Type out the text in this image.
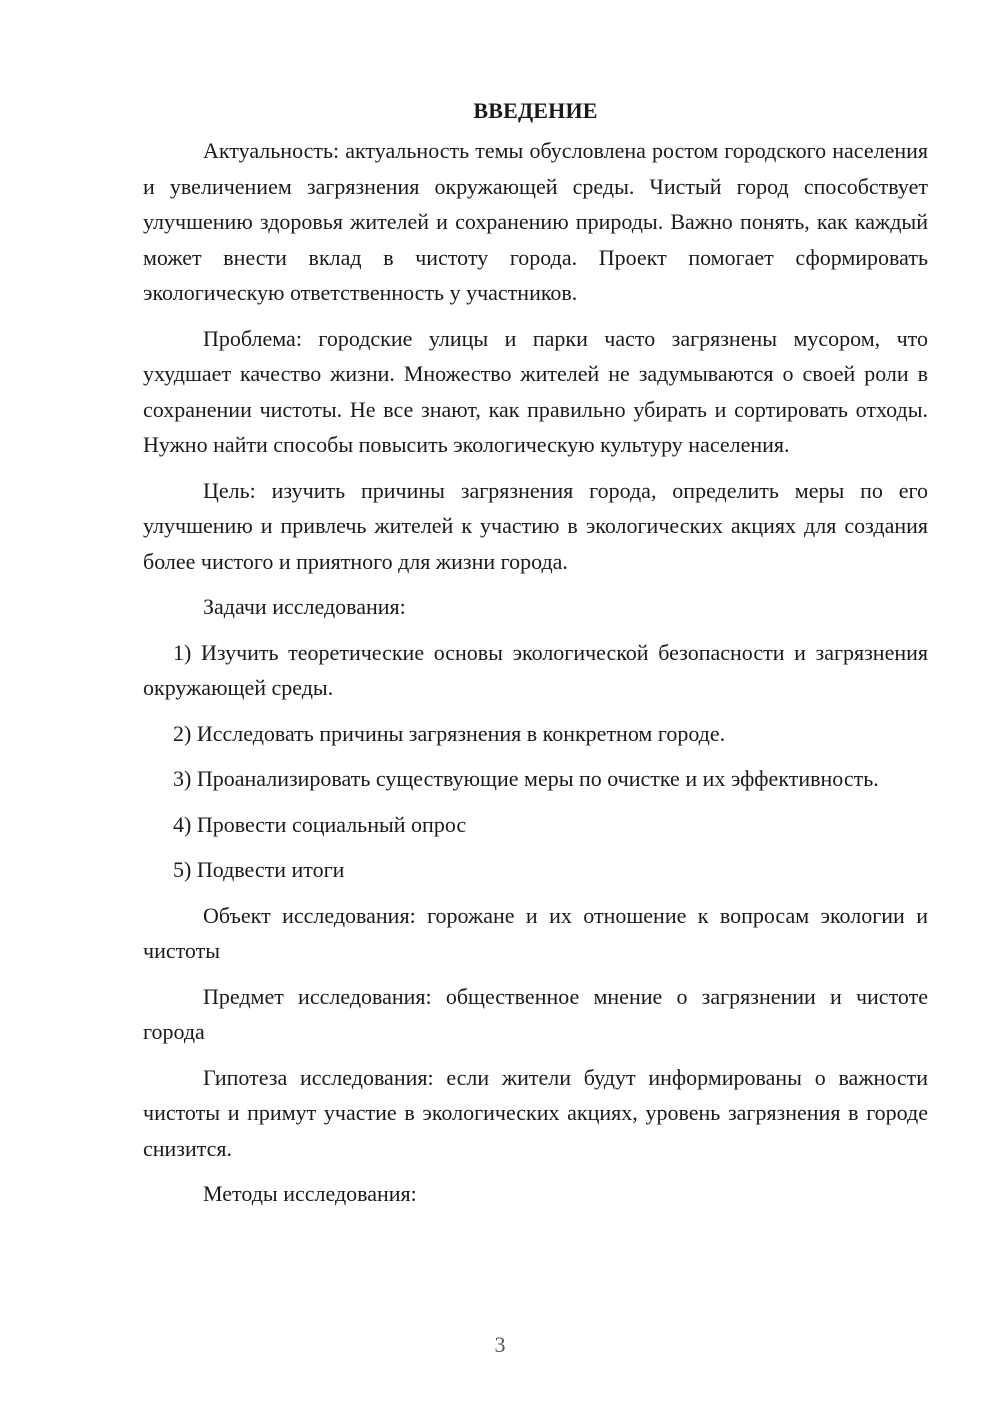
ВВЕДЕНИЕ

Актуальность: актуальность темы обусловлена ростом городского населения и увеличением загрязнения окружающей среды. Чистый город способствует улучшению здоровья жителей и сохранению природы. Важно понять, как каждый может внести вклад в чистоту города. Проект помогает сформировать экологическую ответственность у участников.

Проблема: городские улицы и парки часто загрязнены мусором, что ухудшает качество жизни. Множество жителей не задумываются о своей роли в сохранении чистоты. Не все знают, как правильно убирать и сортировать отходы. Нужно найти способы повысить экологическую культуру населения.

Цель: изучить причины загрязнения города, определить меры по его улучшению и привлечь жителей к участию в экологических акциях для создания более чистого и приятного для жизни города.

Задачи исследования:

1) Изучить теоретические основы экологической безопасности и загрязнения окружающей среды.

2) Исследовать причины загрязнения в конкретном городе.

3) Проанализировать существующие меры по очистке и их эффективность.

4) Провести социальный опрос

5) Подвести итоги

Объект исследования: горожане и их отношение к вопросам экологии и чистоты

Предмет исследования: общественное мнение о загрязнении и чистоте города

Гипотеза исследования: если жители будут информированы о важности чистоты и примут участие в экологических акциях, уровень загрязнения в городе снизится.

Методы исследования:

3
